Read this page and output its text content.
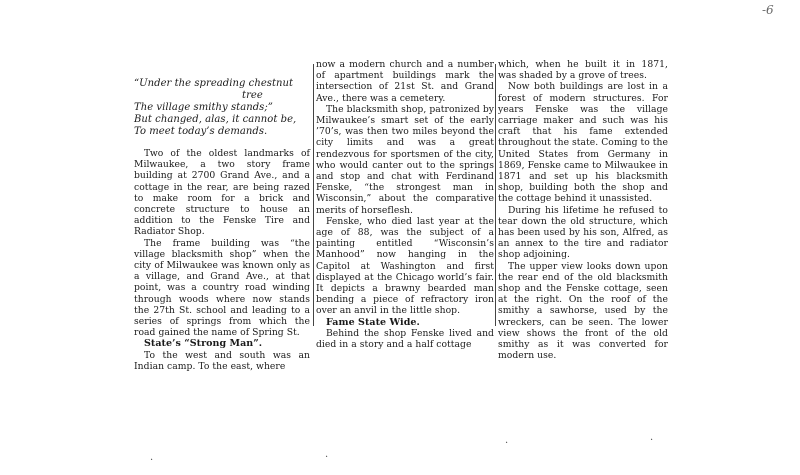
-6
“Under the spreading chestnut
tree
The village smithy stands;”
But changed, alas, it cannot be,
To meet today’s demands.

Two of the oldest landmarks of Milwaukee, a two story frame building at 2700 Grand Ave., and a cottage in the rear, are being razed to make room for a brick and concrete structure to house an addition to the Fenske Tire and Radiator Shop.

The frame building was “the village blacksmith shop” when the city of Milwaukee was known only as a village, and Grand Ave., at that point, was a country road winding through woods where now stands the 27th St. school and leading to a series of springs from which the road gained the name of Spring St.

State’s “Strong Man”.

To the west and south was an Indian camp. To the east, where

now a modern church and a number of apartment buildings mark the intersection of 21st St. and Grand Ave., there was a cemetery.

The blacksmith shop, patronized by Milwaukee’s smart set of the early ’70’s, was then two miles beyond the city limits and was a great rendezvous for sportsmen of the city, who would canter out to the springs and stop and chat with Ferdinand Fenske, “the strongest man in Wisconsin,” about the comparative merits of horseflesh.

Fenske, who died last year at the age of 88, was the subject of a painting entitled “Wisconsin’s Manhood” now hanging in the Capitol at Washington and first displayed at the Chicago world’s fair. It depicts a brawny bearded man bending a piece of refractory iron over an anvil in the little shop.

Fame State Wide.

Behind the shop Fenske lived and died in a story and a half cottage

which, when he built it in 1871, was shaded by a grove of trees.

Now both buildings are lost in a forest of modern structures. For years Fenske was the village carriage maker and such was his craft that his fame extended throughout the state. Coming to the United States from Germany in 1869, Fenske came to Milwaukee in 1871 and set up his blacksmith shop, building both the shop and the cottage behind it unassisted.

During his lifetime he refused to tear down the old structure, which has been used by his son, Alfred, as an annex to the tire and radiator shop adjoining.

The upper view looks down upon the rear end of the old blacksmith shop and the Fenske cottage, seen at the right. On the roof of the smithy a sawhorse, used by the wreckers, can be seen. The lower view shows the front of the old smithy as it was converted for modern use.

·	·
·	·
